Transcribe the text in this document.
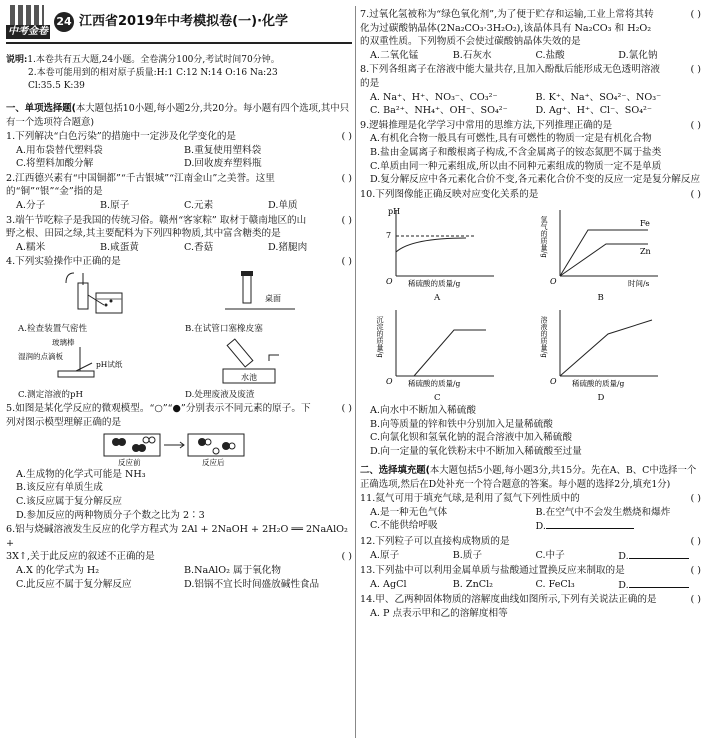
中考金卷
24 江西省2019年中考模拟卷(一)·化学
说明:1.本卷共有五大题,24小题。全卷满分100分,考试时间70分钟。
2.本卷可能用到的相对原子质量:H:1 C:12 N:14 O:16 Na:23
Cl:35.5 K:39
一、单项选择题(本大题包括10小题,每小题2分,共20分。每小题有四个选项,其中只有一个选项符合题意)
1.下列解决“白色污染”的措施中一定涉及化学变化的是	( )
A.用布袋替代塑料袋	B.重复使用塑料袋
C.将塑料加酸分解	D.回收废弃塑料瓶
2.江西德兴素有“中国铜都”“千古银城”“江南金山”之美誉。这里的“铜”“银”“金”指的是
( )
A.分子	B.原子	C.元素	D.单质
3.端午节吃粽子是我国的传统习俗。赣州“客家粽” 取材于赣南地区的山野之根、田园之绿,其主要配料为下列四种物质,其中富含糖类的是
( )
A.糯米	B.咸蛋黄	C.香菇	D.猪腿肉
4.下列实验操作中正确的是	( )
A.检查装置气密性
桌面
B.在试管口塞橡皮塞
玻璃棒
湿润的点滴板
pH试纸
C.测定溶液的pH
水池
D.处理废液及废渣
5.如图是某化学反应的微观模型。“○”“●”分别表示不同元素的原子。下列对图示模型理解正确的是
( )
反应前	反应后
A.生成物的化学式可能是 NH₃
B.该反应有单质生成
C.该反应属于复分解反应
D.参加反应的两种物质分子个数之比为 2∶3
6.铝与烧碱溶液发生反应的化学方程式为 2Al + 2NaOH + 2H₂O ══ 2NaAlO₂ +
3X↑,关于此反应的叙述不正确的是	( )
A.X 的化学式为 H₂	B.NaAlO₂ 属于氧化物
C.此反应不属于复分解反应	D.铝锅不宜长时间盛放碱性食品
7.过氧化氢被称为“绿色氧化剂”,为了便于贮存和运输,工业上常将其转化为过碳酸钠晶体(2Na₂CO₃·3H₂O₂),该晶体具有 Na₂CO₃ 和 H₂O₂ 的双重性质。下列物质不会使过碳酸钠晶体失效的是
( )
A.二氧化锰	B.石灰水	C.盐酸	D.氯化钠
8.下列各组离子在溶液中能大量共存,且加入酚酞后能形成无色透明溶液的是
( )
A. Na⁺、H⁺、NO₃⁻、CO₃²⁻	B. K⁺、Na⁺、SO₄²⁻、NO₃⁻
C. Ba²⁺、NH₄⁺、OH⁻、SO₄²⁻	D. Ag⁺、H⁺、Cl⁻、SO₄²⁻
9.逻辑推理是化学学习中常用的思维方法,下列推理正确的是	( )
A.有机化合物一般具有可燃性,具有可燃性的物质一定是有机化合物
B.盐由金属离子和酸根离子构成,不含金属离子的铵态氮肥不属于盐类
C.单质由同一种元素组成,所以由不同种元素组成的物质一定不是单质
D.复分解反应中各元素化合价不变,各元素化合价不变的反应一定是复分解反应
10.下列图像能正确反映对应变化关系的是	( )
pH
7
O 稀硫酸的质量/g
A
氢气的质量/g	Fe
Zn
O	时间/s
B
沉淀的质量/g
O 稀硫酸的质量/g
C
溶液的质量/g
O 稀硫酸的质量/g
D
A.向水中不断加入稀硫酸
B.向等质量的锌和铁中分别加入足量稀硫酸
C.向氯化钡和氢氧化钠的混合溶液中加入稀硫酸
D.向一定量的氧化铁粉末中不断加入稀硫酸至过量
二、选择填充题(本大题包括5小题,每小题3分,共15分。先在A、B、C中选择一个正确选项,然后在D处补充一个符合题意的答案。每小题的选择2分,填充1分)
11.氦气可用于填充气球,是利用了氦气下列性质中的	( )
A.是一种无色气体	B.在空气中不会发生燃烧和爆炸
C.不能供给呼吸	D.
12.下列粒子可以直接构成物质的是	( )
A.原子	B.质子	C.中子	D.
13.下列盐中可以利用金属单质与盐酸通过置换反应来制取的是	( )
A. AgCl	B. ZnCl₂	C. FeCl₃	D.
14.甲、乙两种固体物质的溶解度曲线如图所示,下列有关说法正确的是	( )
A. P 点表示甲和乙的溶解度相等
